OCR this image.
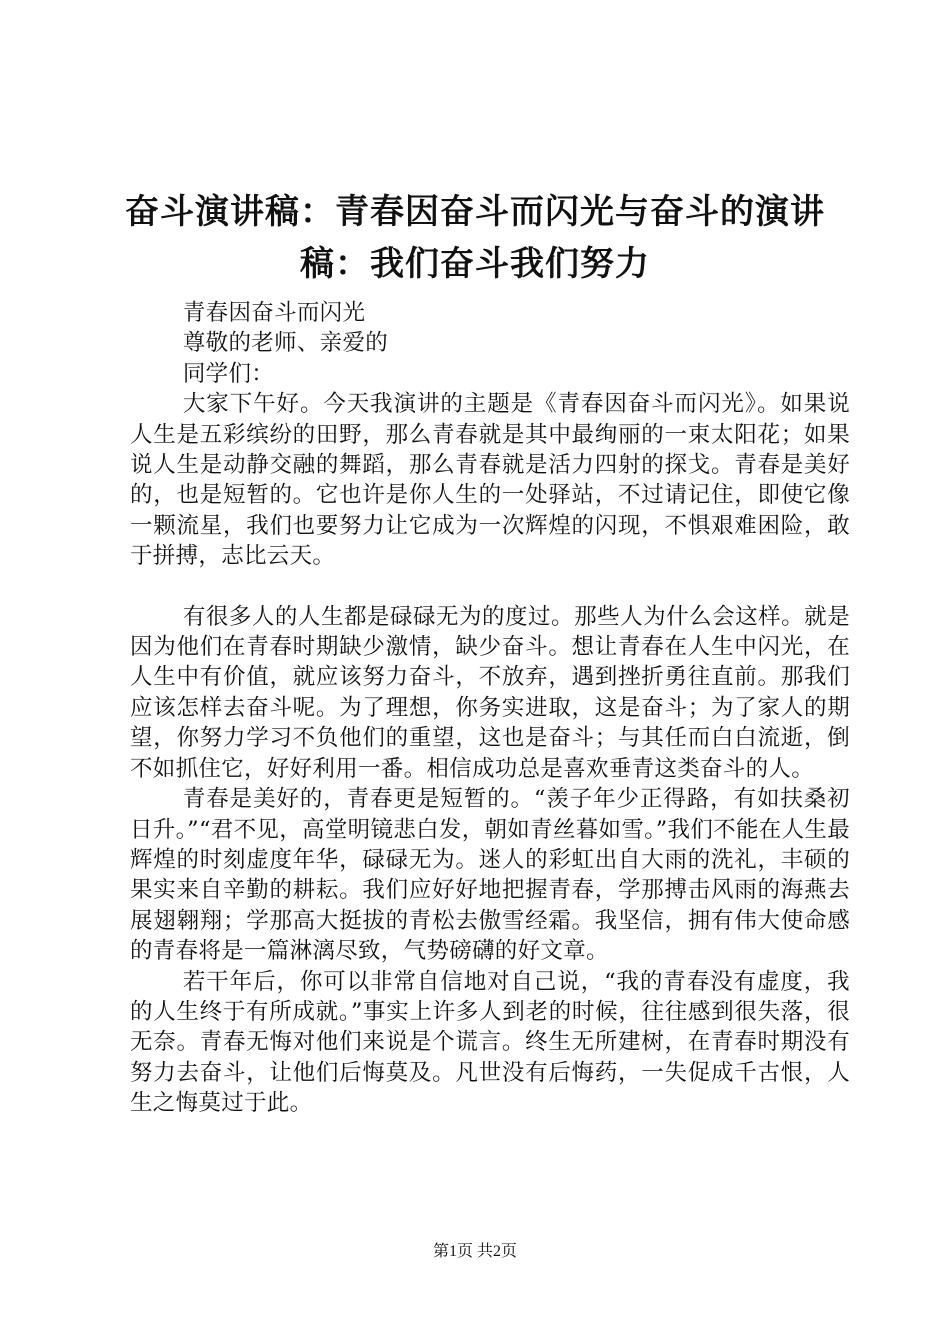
奋斗演讲稿：青春因奋斗而闪光与奋斗的演讲稿：我们奋斗我们努力

青春因奋斗而闪光

尊敬的老师、亲爱的

同学们：

大家下午好。今天我演讲的主题是《青春因奋斗而闪光》。如果说人生是五彩缤纷的田野，那么青春就是其中最绚丽的一束太阳花；如果说人生是动静交融的舞蹈，那么青春就是活力四射的探戈。青春是美好的，也是短暂的。它也许是你人生的一处驿站，不过请记住，即使它像一颗流星，我们也要努力让它成为一次辉煌的闪现，不惧艰难困险，敢于拼搏，志比云天。

有很多人的人生都是碌碌无为的度过。那些人为什么会这样。就是因为他们在青春时期缺少激情，缺少奋斗。想让青春在人生中闪光，在人生中有价值，就应该努力奋斗，不放弃，遇到挫折勇往直前。那我们应该怎样去奋斗呢。为了理想，你务实进取，这是奋斗；为了家人的期望，你努力学习不负他们的重望，这也是奋斗；与其任而白白流逝，倒不如抓住它，好好利用一番。相信成功总是喜欢垂青这类奋斗的人。

青春是美好的，青春更是短暂的。“羡子年少正得路，有如扶桑初日升。”“君不见，高堂明镜悲白发，朝如青丝暮如雪。”我们不能在人生最辉煌的时刻虚度年华，碌碌无为。迷人的彩虹出自大雨的洗礼，丰硕的果实来自辛勤的耕耘。我们应好好地把握青春，学那搏击风雨的海燕去展翅翱翔；学那高大挺拔的青松去傲雪经霜。我坚信，拥有伟大使命感的青春将是一篇淋漓尽致，气势磅礴的好文章。

若干年后，你可以非常自信地对自己说，“我的青春没有虚度，我的人生终于有所成就。”事实上许多人到老的时候，往往感到很失落，很无奈。青春无悔对他们来说是个谎言。终生无所建树，在青春时期没有努力去奋斗，让他们后悔莫及。凡世没有后悔药，一失促成千古恨，人生之悔莫过于此。

第1页 共2页
